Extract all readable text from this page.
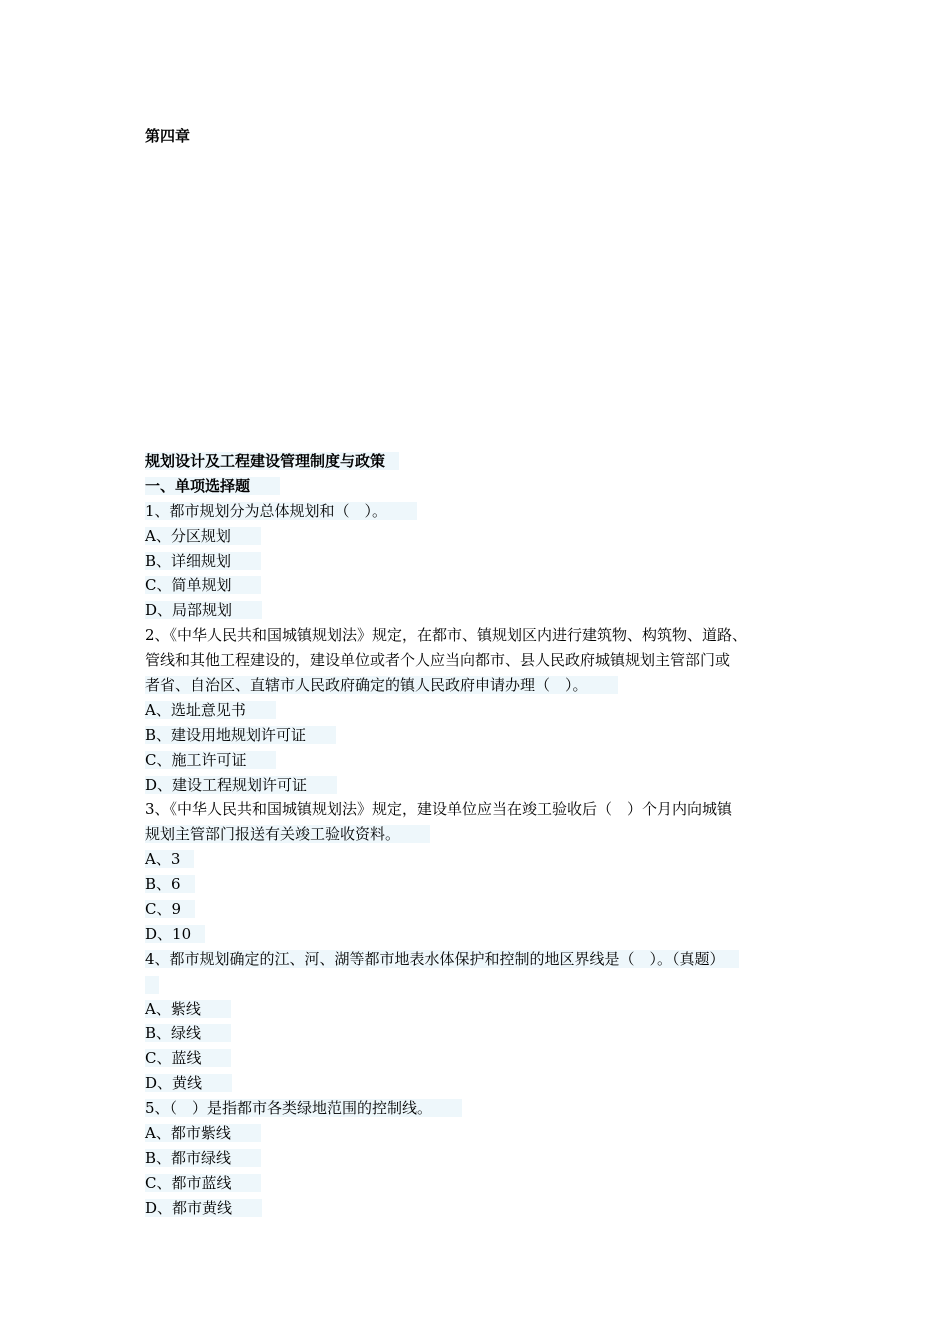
第四章
规划设计及工程建设管理制度与政策
一、单项选择题
1、都市规划分为总体规划和（　）。
A、分区规划
B、详细规划
C、简单规划
D、局部规划
2、《中华人民共和国城镇规划法》规定，在都市、镇规划区内进行建筑物、构筑物、道路、
管线和其他工程建设的，建设单位或者个人应当向都市、县人民政府城镇规划主管部门或
者省、自治区、直辖市人民政府确定的镇人民政府申请办理（　）。
A、选址意见书
B、建设用地规划许可证
C、施工许可证
D、建设工程规划许可证
3、《中华人民共和国城镇规划法》规定，建设单位应当在竣工验收后（　）个月内向城镇
规划主管部门报送有关竣工验收资料。
A、3
B、6
C、9
D、10
4、都市规划确定的江、河、湖等都市地表水体保护和控制的地区界线是（　）。（真题）
A、紫线
B、绿线
C、蓝线
D、黄线
5、（　）是指都市各类绿地范围的控制线。
A、都市紫线
B、都市绿线
C、都市蓝线
D、都市黄线
